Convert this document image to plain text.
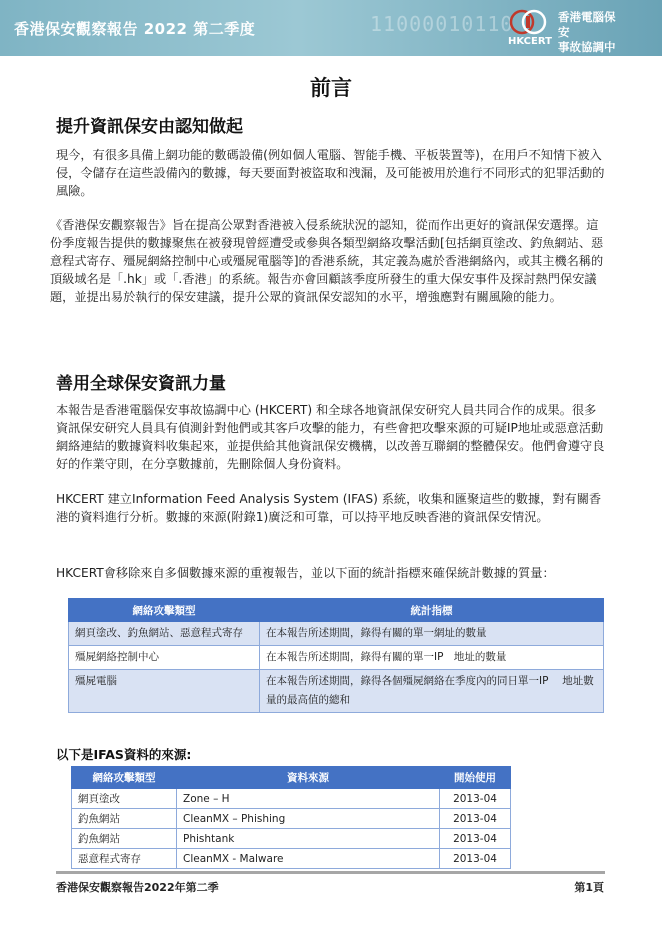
11000010110
香港保安觀察報告 2022 第二季度
HKCERT
香港電腦保安
事故協調中心
前言
提升資訊保安由認知做起

現今，有很多具備上網功能的數碼設備(例如個人電腦、智能手機、平板裝置等)，在用戶不知情下被入侵，令儲存在這些設備內的數據，每天要面對被盜取和洩漏，及可能被用於進行不同形式的犯罪活動的風險。

《香港保安觀察報告》旨在提高公眾對香港被入侵系統狀況的認知，從而作出更好的資訊保安選擇。這份季度報告提供的數據聚焦在被發現曾經遭受或參與各類型網絡攻擊活動[包括網頁塗改、釣魚網站、惡意程式寄存、殭屍網絡控制中心或殭屍電腦等]的香港系統，其定義為處於香港網絡內，或其主機名稱的頂級域名是「.hk」或「.香港」的系統。報告亦會回顧該季度所發生的重大保安事件及探討熱門保安議題，並提出易於執行的保安建議，提升公眾的資訊保安認知的水平，增強應對有關風險的能力。

善用全球保安資訊力量

本報告是香港電腦保安事故協調中心 (HKCERT) 和全球各地資訊保安研究人員共同合作的成果。很多資訊保安研究人員具有偵測針對他們或其客戶攻擊的能力，有些會把攻擊來源的可疑IP地址或惡意活動網絡連結的數據資料收集起來，並提供給其他資訊保安機構，以改善互聯網的整體保安。他們會遵守良好的作業守則，在分享數據前，先刪除個人身份資料。

HKCERT 建立Information Feed Analysis System (IFAS) 系統，收集和匯聚這些的數據，對有關香港的資料進行分析。數據的來源(附錄1)廣泛和可靠，可以持平地反映香港的資訊保安情況。

HKCERT會移除來自多個數據來源的重複報告，並以下面的統計指標來確保統計數據的質量：

網絡攻擊類型	統計指標
網頁塗改、釣魚網站、惡意程式寄存	在本報告所述期間，錄得有關的單一網址的數量
殭屍網絡控制中心	在本報告所述期間，錄得有關的單一IP　地址的數量
殭屍電腦	在本報告所述期間，錄得各個殭屍網絡在季度內的同日單一IP　 地址數量的最高值的總和
以下是IFAS資料的來源:
網絡攻擊類型	資料來源	開始使用
網頁塗改	Zone – H	2013-04
釣魚網站	CleanMX – Phishing	2013-04
釣魚網站	Phishtank	2013-04
惡意程式寄存	CleanMX - Malware	2013-04
香港保安觀察報告2022年第二季	第1頁
